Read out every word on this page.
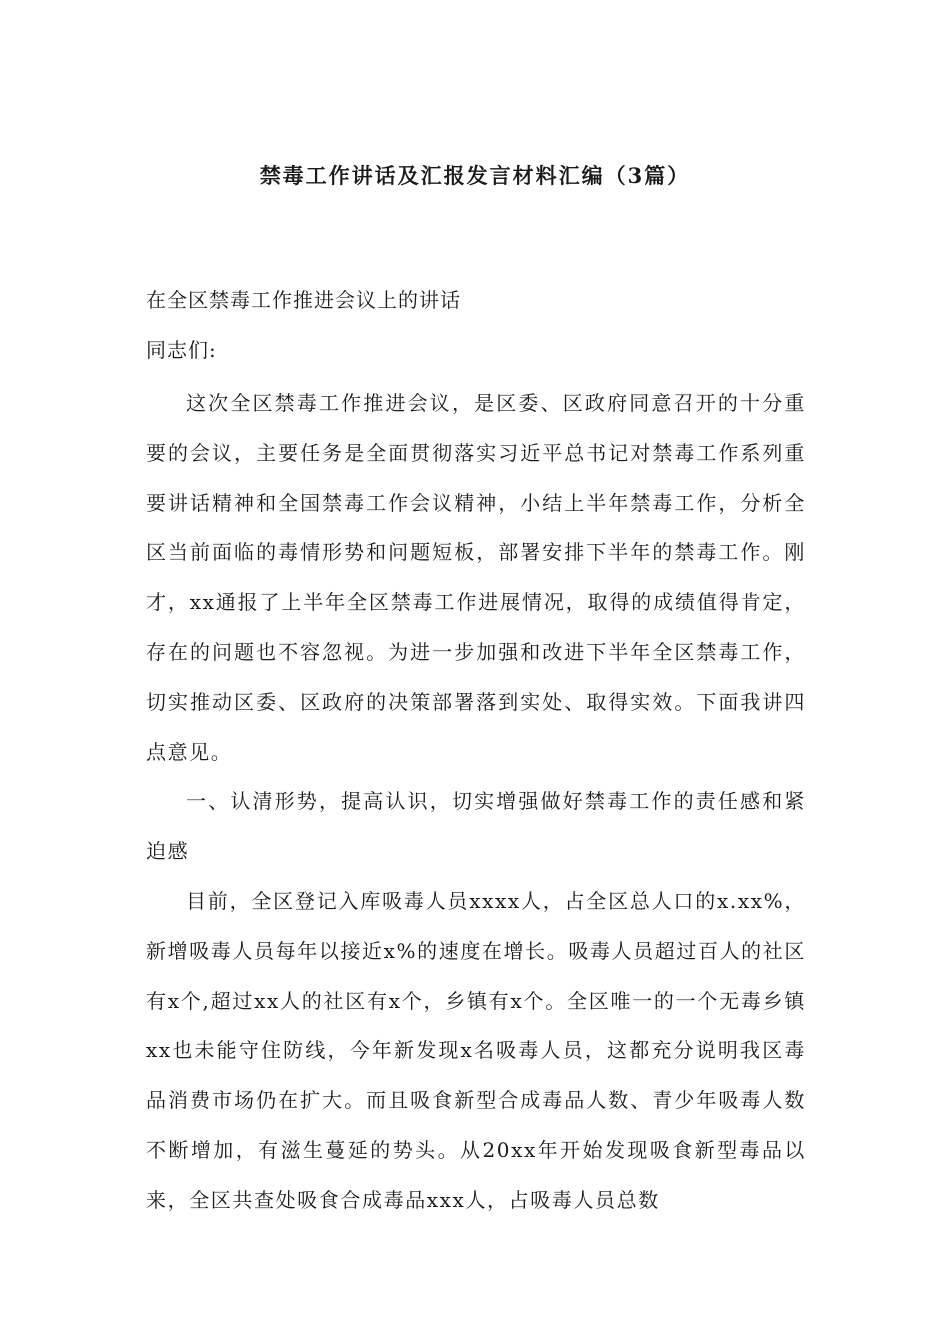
禁毒工作讲话及汇报发言材料汇编（3篇）
在全区禁毒工作推进会议上的讲话
同志们:

这次全区禁毒工作推进会议，是区委、区政府同意召开的十分重要的会议，主要任务是全面贯彻落实习近平总书记对禁毒工作系列重要讲话精神和全国禁毒工作会议精神，小结上半年禁毒工作，分析全区当前面临的毒情形势和问题短板，部署安排下半年的禁毒工作。刚才，xx通报了上半年全区禁毒工作进展情况，取得的成绩值得肯定，存在的问题也不容忽视。为进一步加强和改进下半年全区禁毒工作，切实推动区委、区政府的决策部署落到实处、取得实效。下面我讲四点意见。

一、认清形势，提高认识，切实增强做好禁毒工作的责任感和紧迫感

目前，全区登记入库吸毒人员xxxx人，占全区总人口的x.xx%，新增吸毒人员每年以接近x%的速度在增长。吸毒人员超过百人的社区有x个,超过xx人的社区有x个，乡镇有x个。全区唯一的一个无毒乡镇xx也未能守住防线，今年新发现x名吸毒人员，这都充分说明我区毒品消费市场仍在扩大。而且吸食新型合成毒品人数、青少年吸毒人数不断增加，有滋生蔓延的势头。从20xx年开始发现吸食新型毒品以来，全区共查处吸食合成毒品xxx人，占吸毒人员总数
